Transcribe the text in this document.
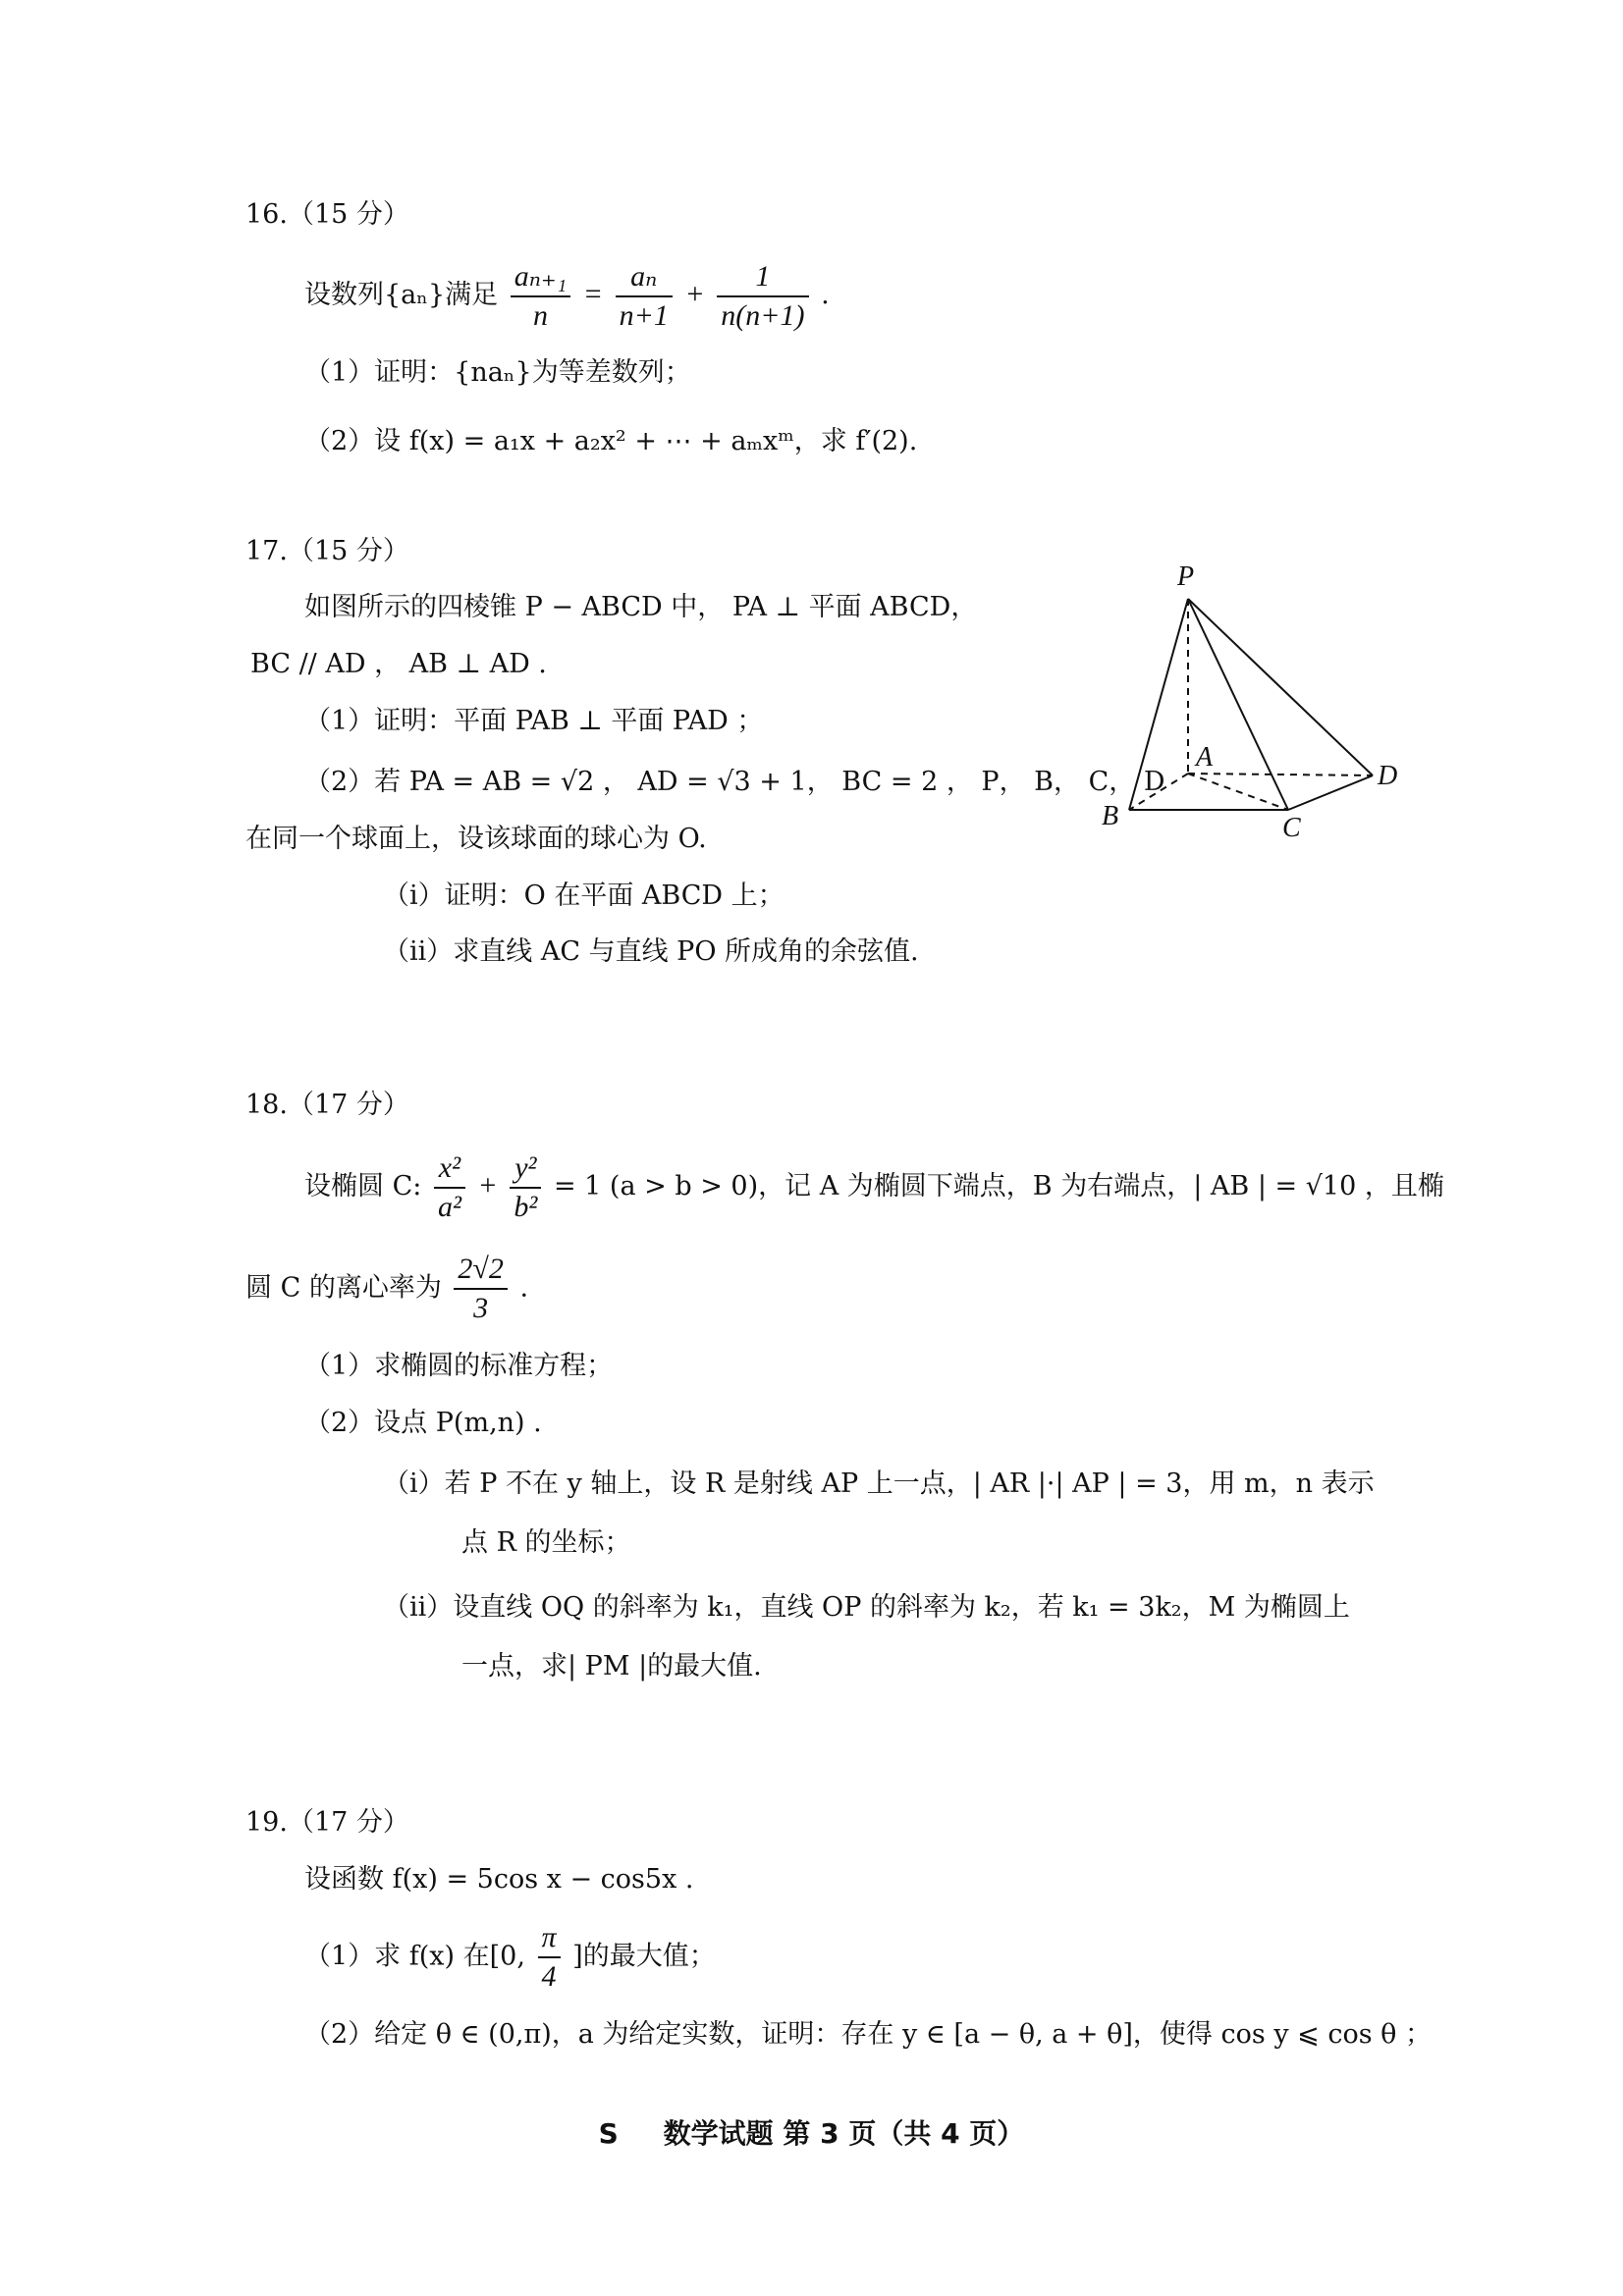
16.（15 分）
设数列{aₙ}满足 $\frac{\text{aₙ₊₁}}{n} = \frac{\text{aₙ}}{n+1} + \frac{1}{n(n+1)}$ .
（1）证明：{naₙ}为等差数列；
（2）设 f(x) = a₁x + a₂x² + ⋯ + aₘxᵐ，求 f′(2).
17.（15 分）
如图所示的四棱锥 P − ABCD 中， PA ⊥ 平面 ABCD，
BC // AD ， AB ⊥ AD .
（1）证明：平面 PAB ⊥ 平面 PAD ；
（2）若 PA = AB = √2 ， AD = √3 + 1， BC = 2 ， P， B， C， D
在同一个球面上，设该球面的球心为 O.
（ⅰ）证明：O 在平面 ABCD 上；
（ⅱ）求直线 AC 与直线 PO 所成角的余弦值.
P
A
B	C
D
18.（17 分）
设椭圆 C: $\frac{\text{x²}}{\text{a²}} + \frac{\text{y²}}{\text{b²}} = 1$ (a > b > 0)，记 A 为椭圆下端点，B 为右端点，| AB | = √10 ，且椭
圆 C 的离心率为 $\frac{2√2}{3}$ .
（1）求椭圆的标准方程；
（2）设点 P(m,n) .
（ⅰ）若 P 不在 y 轴上，设 R 是射线 AP 上一点，| AR |·| AP | = 3，用 m，n 表示
点 R 的坐标；
（ⅱ）设直线 OQ 的斜率为 k₁，直线 OP 的斜率为 k₂，若 k₁ = 3k₂，M 为椭圆上
一点，求| PM |的最大值.
19.（17 分）
设函数 f(x) = 5cos x − cos5x .
（1）求 f(x) 在[0, $\frac{\pi}{4}$ ]的最大值；
（2）给定 θ ∈ (0,π)，a 为给定实数，证明：存在 y ∈ [a − θ, a + θ]，使得 cos y ⩽ cos θ ；
S 数学试题 第 3 页（共 4 页）
